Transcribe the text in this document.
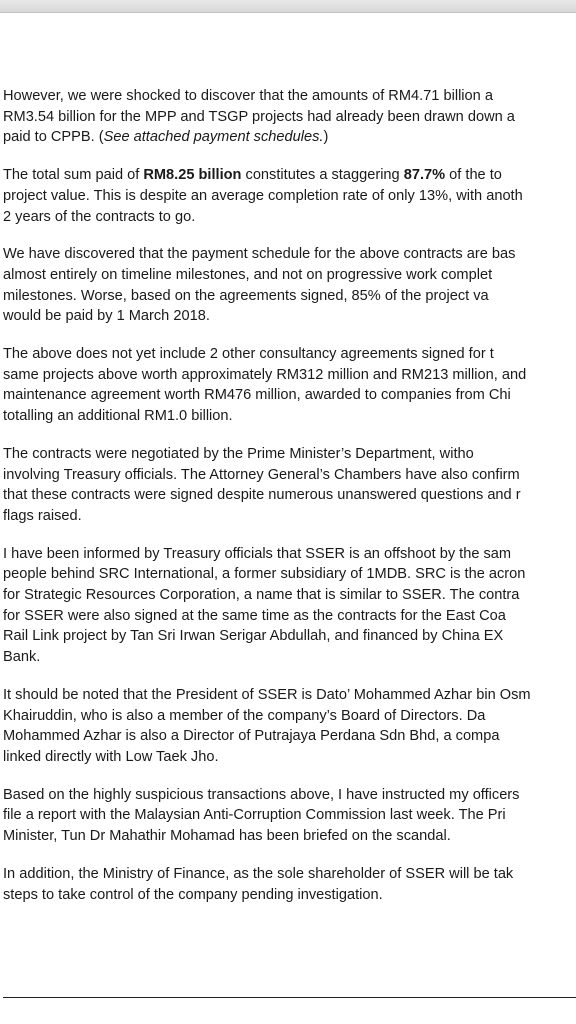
However, we were shocked to discover that the amounts of RM4.71 billion a
RM3.54 billion for the MPP and TSGP projects had already been drawn down a
paid to CPPB. (See attached payment schedules.)

The total sum paid of RM8.25 billion constitutes a staggering 87.7% of the to
project value. This is despite an average completion rate of only 13%, with anoth
2 years of the contracts to go.

We have discovered that the payment schedule for the above contracts are bas
almost entirely on timeline milestones, and not on progressive work complet
milestones. Worse, based on the agreements signed, 85% of the project va
would be paid by 1 March 2018.

The above does not yet include 2 other consultancy agreements signed for t
same projects above worth approximately RM312 million and RM213 million, and
maintenance agreement worth RM476 million, awarded to companies from Chi
totalling an additional RM1.0 billion.

The contracts were negotiated by the Prime Minister’s Department, witho
involving Treasury officials. The Attorney General’s Chambers have also confirm
that these contracts were signed despite numerous unanswered questions and r
flags raised.

I have been informed by Treasury officials that SSER is an offshoot by the sam
people behind SRC International, a former subsidiary of 1MDB. SRC is the acron
for Strategic Resources Corporation, a name that is similar to SSER. The contra
for SSER were also signed at the same time as the contracts for the East Coa
Rail Link project by Tan Sri Irwan Serigar Abdullah, and financed by China EX
Bank.

It should be noted that the President of SSER is Dato’ Mohammed Azhar bin Osm
Khairuddin, who is also a member of the company’s Board of Directors. Da
Mohammed Azhar is also a Director of Putrajaya Perdana Sdn Bhd, a compa
linked directly with Low Taek Jho.

Based on the highly suspicious transactions above, I have instructed my officers
file a report with the Malaysian Anti-Corruption Commission last week. The Pri
Minister, Tun Dr Mahathir Mohamad has been briefed on the scandal.

In addition, the Ministry of Finance, as the sole shareholder of SSER will be tak
steps to take control of the company pending investigation.
